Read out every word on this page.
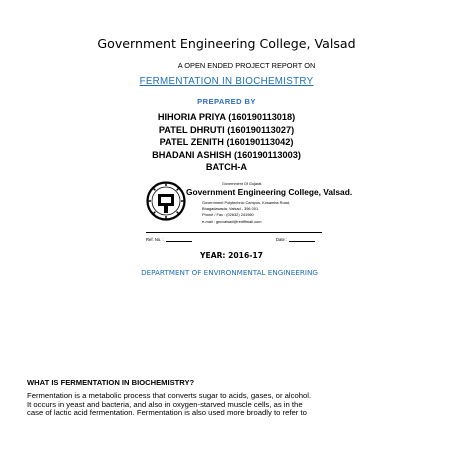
Government Engineering College, Valsad
A OPEN ENDED PROJECT REPORT ON
FERMENTATION IN BIOCHEMISTRY
PREPARED BY
HIHORIA PRIYA (160190113018)
PATEL DHRUTI (160190113027)
PATEL ZENITH (160190113042)
BHADANI ASHISH (160190113003)
BATCH-A
Government Of Gujarat
Government Engineering College, Valsad.
Government Polytechnic Campus, Kosamba Road,
Bhagadawada, Valsad - 396 001.
Phone / Fax : (02632) 241960
e-mail : gecvalsad@rediffmail.com
Ref. No. :	Date :
YEAR: 2016-17
DEPARTMENT OF ENVIRONMENTAL ENGINEERING
WHAT IS FERMENTATION IN BIOCHEMISTRY?
Fermentation is a metabolic process that converts sugar to acids, gases, or alcohol.
It occurs in yeast and bacteria, and also in oxygen-starved muscle cells, as in the
case of lactic acid fermentation. Fermentation is also used more broadly to refer to
